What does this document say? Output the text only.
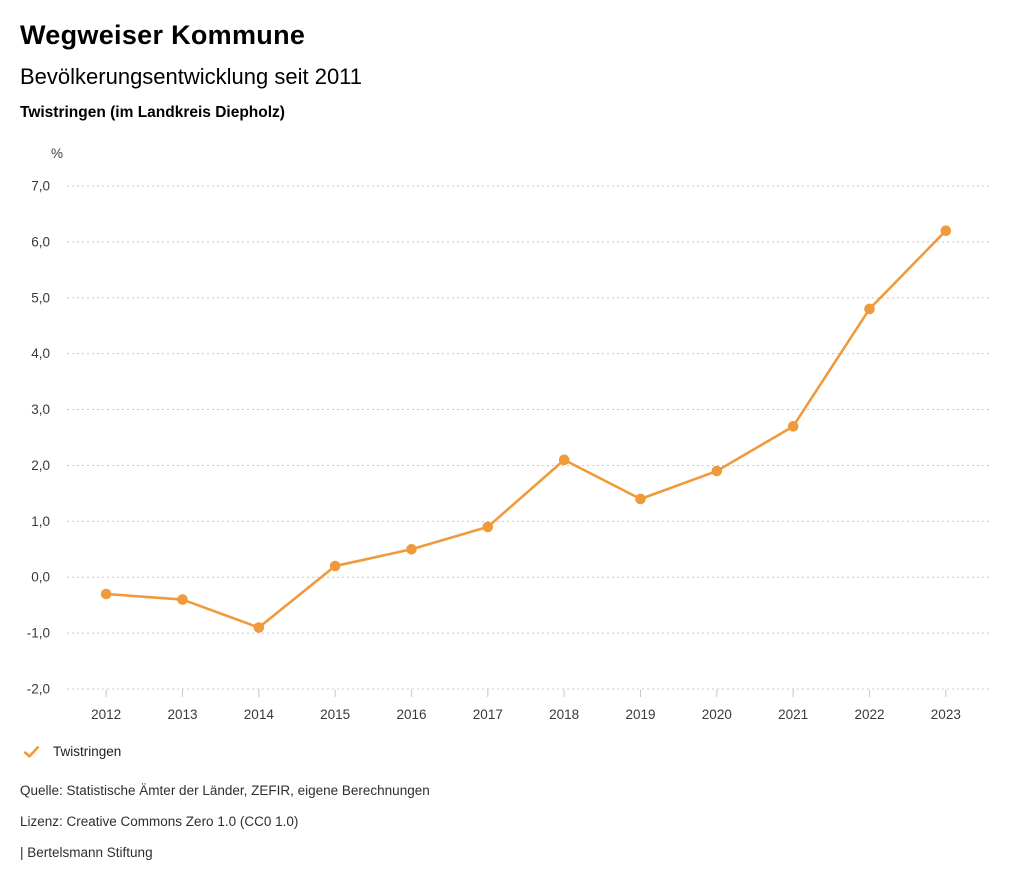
Wegweiser Kommune
Bevölkerungsentwicklung seit 2011
Twistringen (im Landkreis Diepholz)
%
7,0
6,0
5,0
4,0
3,0
2,0
1,0
0,0
-1,0
-2,0
2012	2013	2014	2015	2016	2017	2018	2019	2020	2021	2022	2023
Twistringen

Quelle: Statistische Ämter der Länder, ZEFIR, eigene Berechnungen

Lizenz: Creative Commons Zero 1.0 (CC0 1.0)

| Bertelsmann Stiftung
